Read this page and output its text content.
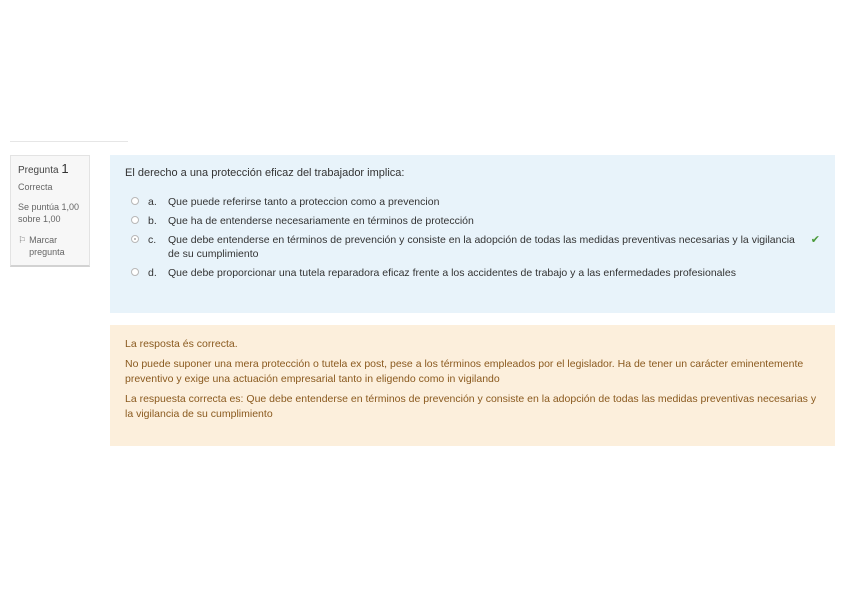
Pregunta 1
Correcta
Se puntúa 1,00 sobre 1,00
⚐ Marcar pregunta
El derecho a una protección eficaz del trabajador implica:
a.	Que puede referirse tanto a proteccion como a prevencion
b.	Que ha de entenderse necesariamente en términos de protección
c.	Que debe entenderse en términos de prevención y consiste en la adopción de todas las medidas preventivas necesarias y la vigilancia de su cumplimiento
✔
d.	Que debe proporcionar una tutela reparadora eficaz frente a los accidentes de trabajo y a las enfermedades profesionales

La resposta és correcta.

No puede suponer una mera protección o tutela ex post, pese a los términos empleados por el legislador. Ha de tener un carácter eminentemente preventivo y exige una actuación empresarial tanto in eligendo como in vigilando

La respuesta correcta es: Que debe entenderse en términos de prevención y consiste en la adopción de todas las medidas preventivas necesarias y la vigilancia de su cumplimiento
